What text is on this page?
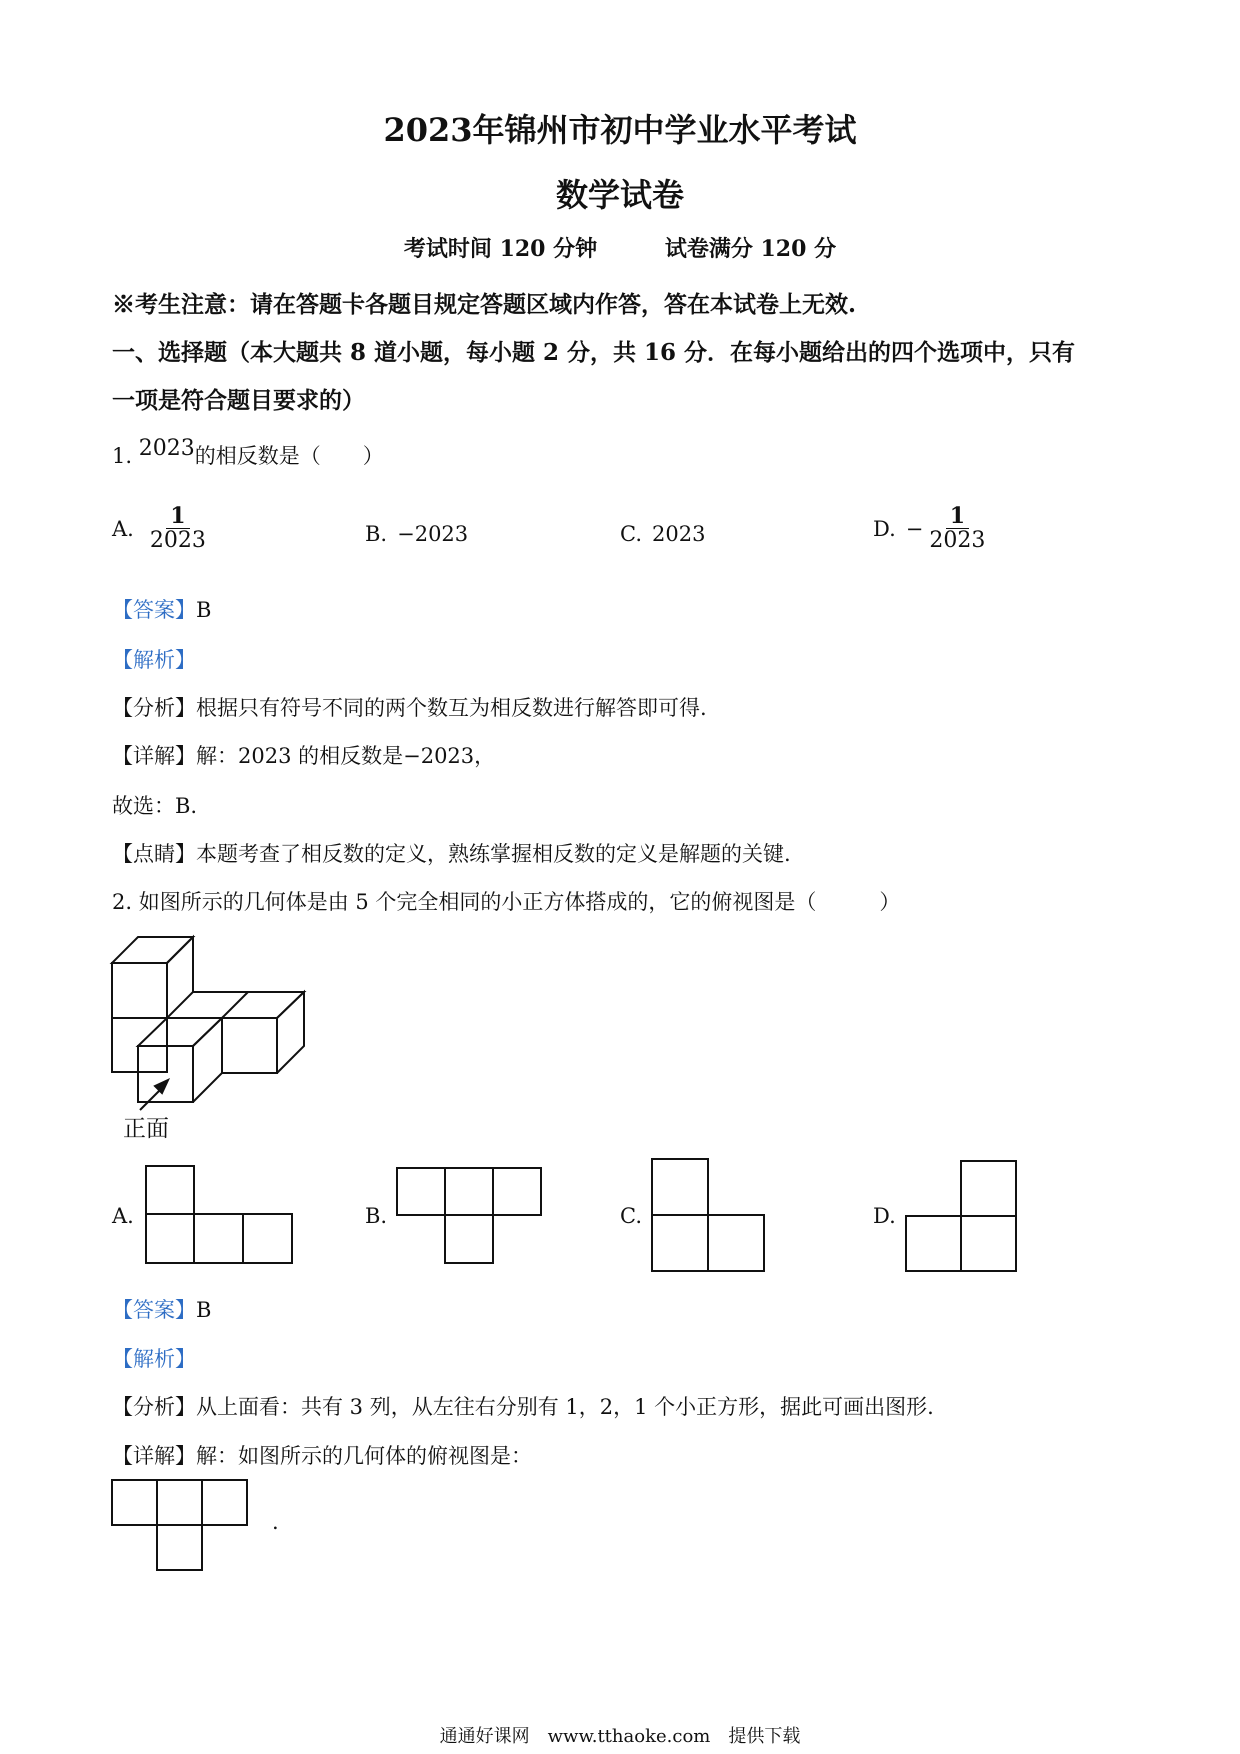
2023年锦州市初中学业水平考试
数学试卷
考试时间 120 分钟	试卷满分 120 分
※考生注意：请在答题卡各题目规定答题区域内作答，答在本试卷上无效.
一、选择题（本大题共 8 道小题，每小题 2 分，共 16 分．在每小题给出的四个选项中，只有
一项是符合题目要求的）
1. 2023的相反数是（　　）
A. $\frac{1}{2023}$	B. −2023	C. 2023	D. − $\frac{1}{2023}$
【答案】B
【解析】
【分析】根据只有符号不同的两个数互为相反数进行解答即可得.
【详解】解：2023 的相反数是−2023，
故选：B.
【点睛】本题考查了相反数的定义，熟练掌握相反数的定义是解题的关键.
2. 如图所示的几何体是由 5 个完全相同的小正方体搭成的，它的俯视图是（　　　）
正面
A.	B.	C.	D.
【答案】B
【解析】
【分析】从上面看：共有 3 列，从左往右分别有 1，2，1 个小正方形，据此可画出图形.
【详解】解：如图所示的几何体的俯视图是：
.
通通好课网　www.tthaoke.com　提供下载
